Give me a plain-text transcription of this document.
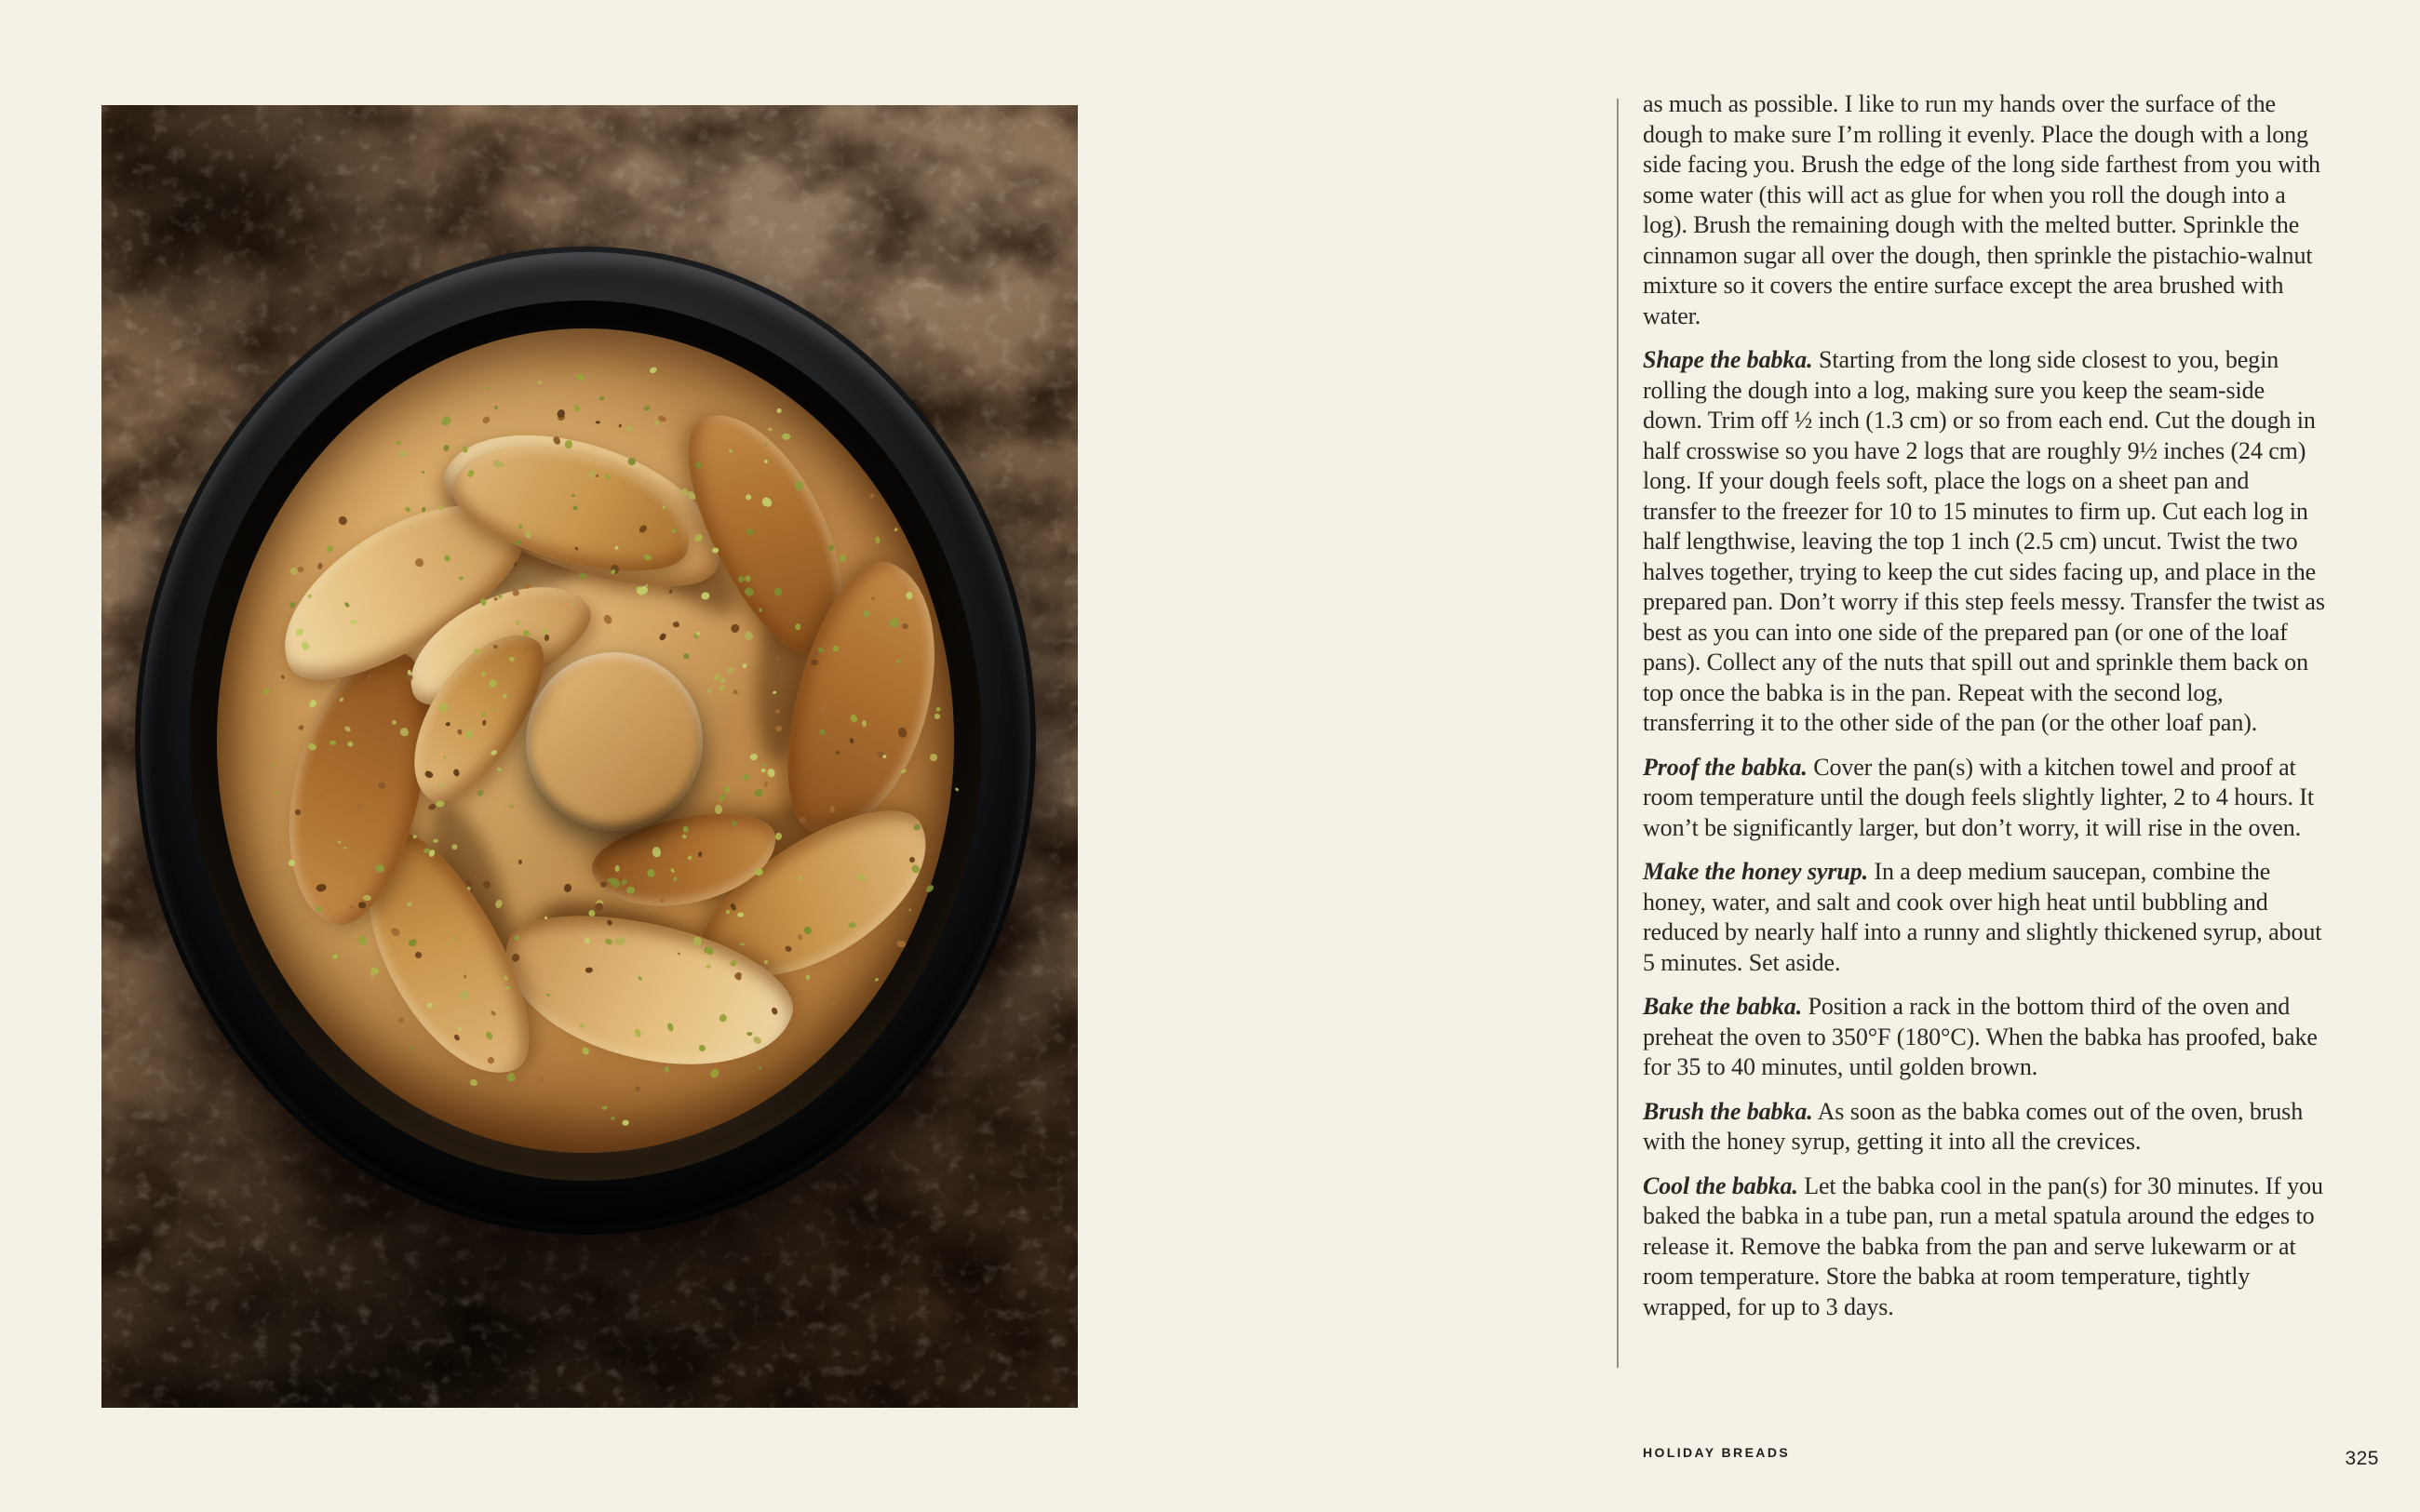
as much as possible. I like to run my hands over the surface of the dough to make sure I’m rolling it evenly. Place the dough with a long side facing you. Brush the edge of the long side farthest from you with some water (this will act as glue for when you roll the dough into a log). Brush the remaining dough with the melted butter. Sprinkle the cinnamon sugar all over the dough, then sprinkle the pistachio-walnut mixture so it covers the entire surface except the area brushed with water.

Shape the babka. Starting from the long side closest to you, begin rolling the dough into a log, making sure you keep the seam-side down. Trim off ½ inch (1.3 cm) or so from each end. Cut the dough in half crosswise so you have 2 logs that are roughly 9½ inches (24 cm) long. If your dough feels soft, place the logs on a sheet pan and transfer to the freezer for 10 to 15 minutes to firm up. Cut each log in half lengthwise, leaving the top 1 inch (2.5 cm) uncut. Twist the two halves together, trying to keep the cut sides facing up, and place in the prepared pan. Don’t worry if this step feels messy. Transfer the twist as best as you can into one side of the prepared pan (or one of the loaf pans). Collect any of the nuts that spill out and sprinkle them back on top once the babka is in the pan. Repeat with the second log, transferring it to the other side of the pan (or the other loaf pan).

Proof the babka. Cover the pan(s) with a kitchen towel and proof at room temperature until the dough feels slightly lighter, 2 to 4 hours. It won’t be significantly larger, but don’t worry, it will rise in the oven.

Make the honey syrup. In a deep medium saucepan, combine the honey, water, and salt and cook over high heat until bubbling and reduced by nearly half into a runny and slightly thickened syrup, about 5 minutes. Set aside.

Bake the babka. Position a rack in the bottom third of the oven and preheat the oven to 350°F (180°C). When the babka has proofed, bake for 35 to 40 minutes, until golden brown.

Brush the babka. As soon as the babka comes out of the oven, brush with the honey syrup, getting it into all the crevices.

Cool the babka. Let the babka cool in the pan(s) for 30 minutes. If you baked the babka in a tube pan, run a metal spatula around the edges to release it. Remove the babka from the pan and serve lukewarm or at room temperature. Store the babka at room temperature, tightly wrapped, for up to 3 days.

HOLIDAY BREADS	325
